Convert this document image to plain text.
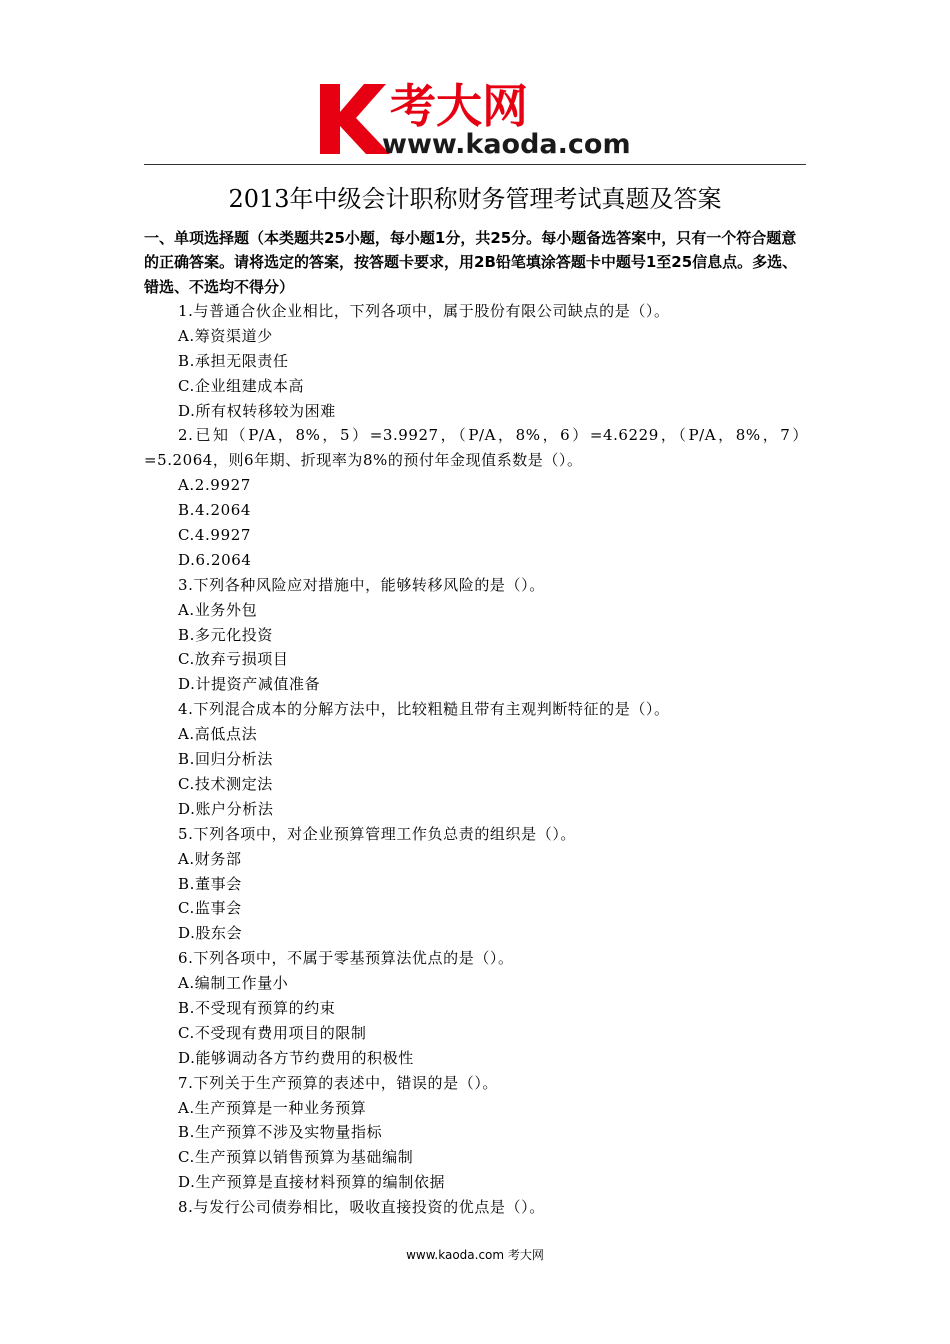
考大网
www.kaoda.com
2013年中级会计职称财务管理考试真题及答案

一、单项选择题（本类题共25小题，每小题1分，共25分。每小题备选答案中，只有一个符合题意的正确答案。请将选定的答案，按答题卡要求，用2B铅笔填涂答题卡中题号1至25信息点。多选、错选、不选均不得分）

1.与普通合伙企业相比，下列各项中，属于股份有限公司缺点的是（）。
A.筹资渠道少
B.承担无限责任
C.企业组建成本高
D.所有权转移较为困难
2.已知（P/A，8%，5）=3.9927，（P/A，8%，6）=4.6229，（P/A，8%，7）=5.2064，则6年期、折现率为8%的预付年金现值系数是（）。
A.2.9927
B.4.2064
C.4.9927
D.6.2064
3.下列各种风险应对措施中，能够转移风险的是（）。
A.业务外包
B.多元化投资
C.放弃亏损项目
D.计提资产减值准备
4.下列混合成本的分解方法中，比较粗糙且带有主观判断特征的是（）。
A.高低点法
B.回归分析法
C.技术测定法
D.账户分析法
5.下列各项中，对企业预算管理工作负总责的组织是（）。
A.财务部
B.董事会
C.监事会
D.股东会
6.下列各项中，不属于零基预算法优点的是（）。
A.编制工作量小
B.不受现有预算的约束
C.不受现有费用项目的限制
D.能够调动各方节约费用的积极性
7.下列关于生产预算的表述中，错误的是（）。
A.生产预算是一种业务预算
B.生产预算不涉及实物量指标
C.生产预算以销售预算为基础编制
D.生产预算是直接材料预算的编制依据
8.与发行公司债券相比，吸收直接投资的优点是（）。
www.kaoda.com 考大网
